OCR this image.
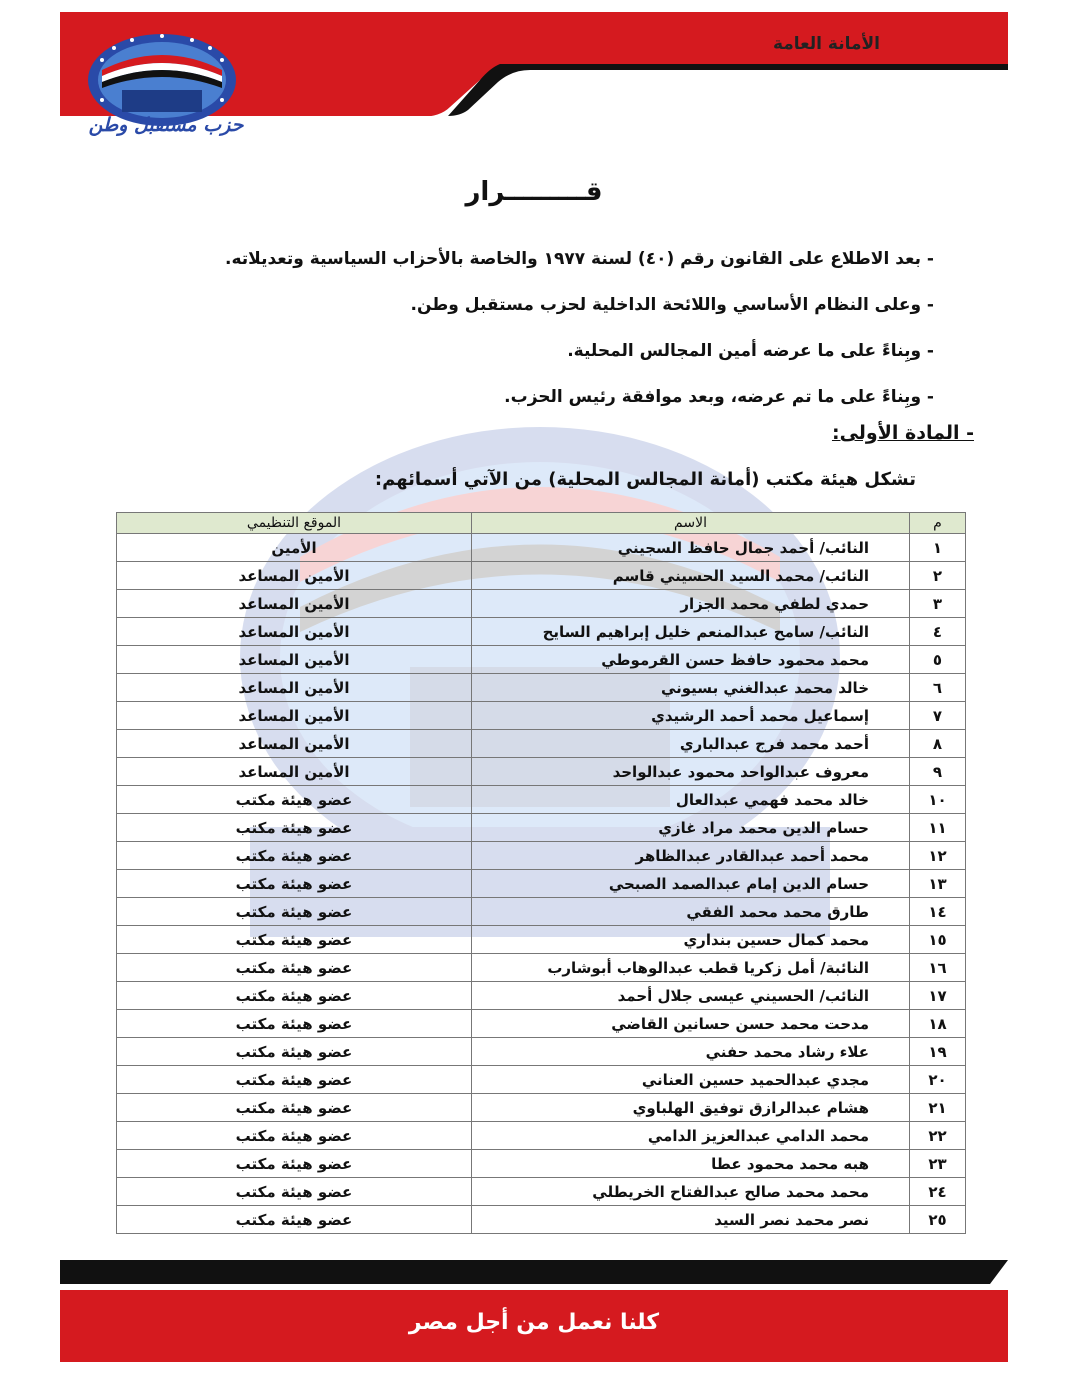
الأمانة العامة
حزب مستقبل وطن
قـــــــــرار
- بعد الاطلاع على القانون رقم (٤٠) لسنة ١٩٧٧ والخاصة بالأحزاب السياسية وتعديلاته.
- وعلى النظام الأساسي واللائحة الداخلية لحزب مستقبل وطن.
- وبِناءً على ما عرضه أمين المجالس المحلية.
- وبِناءً على ما تم عرضه، وبعد موافقة رئيس الحزب.
- المادة الأولى:
تشكل هيئة مكتب (أمانة المجالس المحلية) من الآتي أسمائهم:
م	الاسم	الموقع التنظيمي
١	النائب/ أحمد جمال حافظ السجيني	الأمين
٢	النائب/ محمد السيد الحسيني قاسم	الأمين المساعد
٣	حمدي لطفي محمد الجزار	الأمين المساعد
٤	النائب/ سامح عبدالمنعم خليل إبراهيم السايح	الأمين المساعد
٥	محمد محمود حافظ حسن القرموطي	الأمين المساعد
٦	خالد محمد عبدالغني بسيوني	الأمين المساعد
٧	إسماعيل محمد أحمد الرشيدي	الأمين المساعد
٨	أحمد محمد فرج عبدالباري	الأمين المساعد
٩	معروف عبدالواحد محمود عبدالواحد	الأمين المساعد
١٠	خالد محمد فهمي عبدالعال	عضو هيئة مكتب
١١	حسام الدين محمد مراد غازي	عضو هيئة مكتب
١٢	محمد أحمد عبدالقادر عبدالظاهر	عضو هيئة مكتب
١٣	حسام الدين إمام عبدالصمد الصبحي	عضو هيئة مكتب
١٤	طارق محمد محمد الفقي	عضو هيئة مكتب
١٥	محمد كمال حسين بنداري	عضو هيئة مكتب
١٦	النائبة/ أمل زكريا قطب عبدالوهاب أبوشارب	عضو هيئة مكتب
١٧	النائب/ الحسيني عيسى جلال أحمد	عضو هيئة مكتب
١٨	مدحت محمد حسن حسانين القاضي	عضو هيئة مكتب
١٩	علاء رشاد محمد حفني	عضو هيئة مكتب
٢٠	مجدي عبدالحميد حسين العناني	عضو هيئة مكتب
٢١	هشام عبدالرازق توفيق الهلباوي	عضو هيئة مكتب
٢٢	محمد الدامي عبدالعزيز الدامي	عضو هيئة مكتب
٢٣	هبه محمد محمود عطا	عضو هيئة مكتب
٢٤	محمد محمد صالح عبدالفتاح الخريطلي	عضو هيئة مكتب
٢٥	نصر محمد نصر السيد	عضو هيئة مكتب
كلنا نعمل من أجل مصر
